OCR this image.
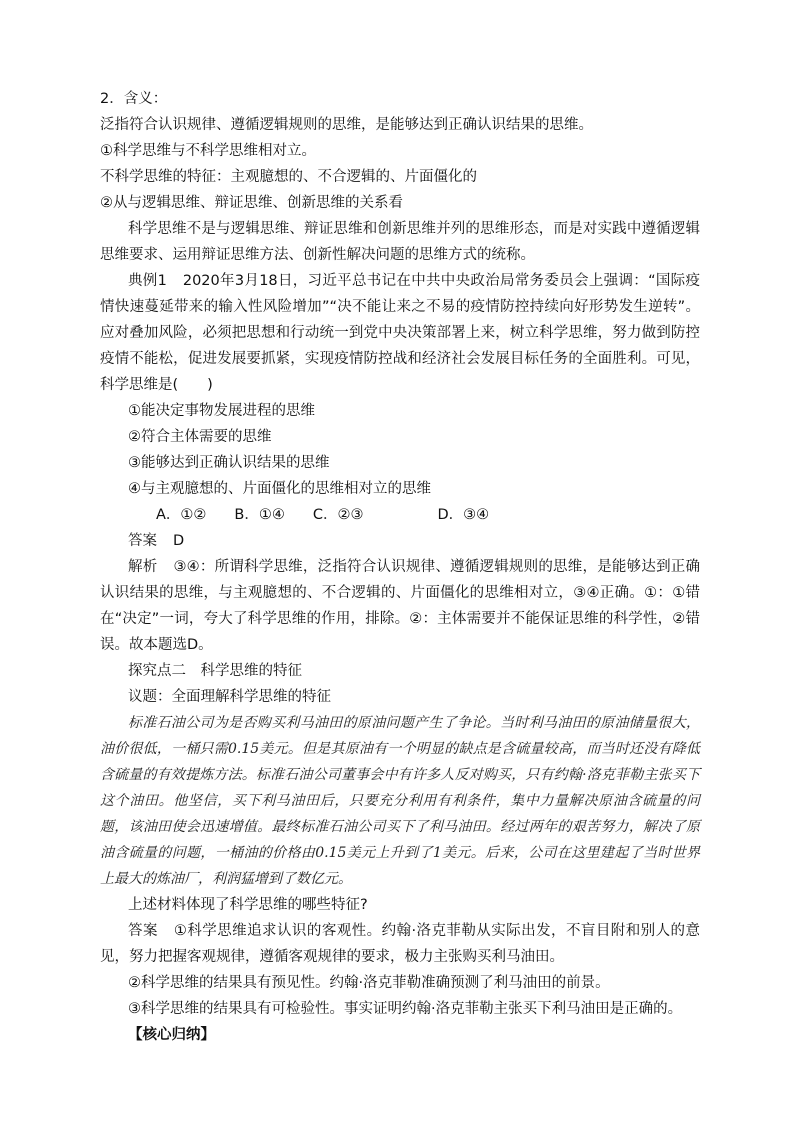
2．含义：

泛指符合认识规律、遵循逻辑规则的思维，是能够达到正确认识结果的思维。

①科学思维与不科学思维相对立。

不科学思维的特征：主观臆想的、不合逻辑的、片面僵化的

②从与逻辑思维、辩证思维、创新思维的关系看

科学思维不是与逻辑思维、辩证思维和创新思维并列的思维形态，而是对实践中遵循逻辑思维要求、运用辩证思维方法、创新性解决问题的思维方式的统称。

典例1 2020年3月18日，习近平总书记在中共中央政治局常务委员会上强调：“国际疫情快速蔓延带来的输入性风险增加”“决不能让来之不易的疫情防控持续向好形势发生逆转”。应对叠加风险，必须把思想和行动统一到党中央决策部署上来，树立科学思维，努力做到防控疫情不能松，促进发展要抓紧，实现疫情防控战和经济社会发展目标任务的全面胜利。可见，科学思维是(　　)

①能决定事物发展进程的思维

②符合主体需要的思维

③能够达到正确认识结果的思维

④与主观臆想的、片面僵化的思维相对立的思维

A．①② B．①④ C．②③	D．③④

答案 D

解析 ③④：所谓科学思维，泛指符合认识规律、遵循逻辑规则的思维，是能够达到正确认识结果的思维，与主观臆想的、不合逻辑的、片面僵化的思维相对立，③④正确。①：①错在“决定”一词，夸大了科学思维的作用，排除。②：主体需要并不能保证思维的科学性，②错误。故本题选D。

探究点二　科学思维的特征

议题：全面理解科学思维的特征

标准石油公司为是否购买利马油田的原油问题产生了争论。当时利马油田的原油储量很大，油价很低，一桶只需0.15美元。但是其原油有一个明显的缺点是含硫量较高，而当时还没有降低含硫量的有效提炼方法。标准石油公司董事会中有许多人反对购买，只有约翰·洛克菲勒主张买下这个油田。他坚信，买下利马油田后，只要充分利用有利条件，集中力量解决原油含硫量的问题，该油田使会迅速增值。最终标准石油公司买下了利马油田。经过两年的艰苦努力，解决了原油含硫量的问题，一桶油的价格由0.15美元上升到了1美元。后来，公司在这里建起了当时世界上最大的炼油厂，利润猛增到了数亿元。

上述材料体现了科学思维的哪些特征?

答案 ①科学思维追求认识的客观性。约翰·洛克菲勒从实际出发，不盲目附和别人的意见，努力把握客观规律，遵循客观规律的要求，极力主张购买利马油田。

②科学思维的结果具有预见性。约翰·洛克菲勒准确预测了利马油田的前景。

③科学思维的结果具有可检验性。事实证明约翰·洛克菲勒主张买下利马油田是正确的。

【核心归纳】
